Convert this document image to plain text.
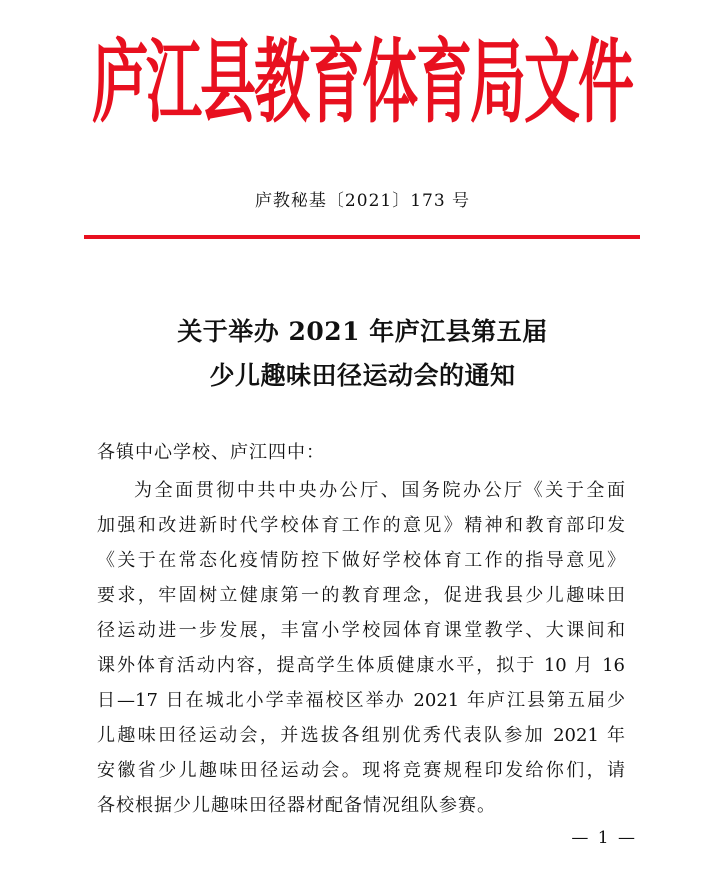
庐江县教育体育局文件
庐教秘基〔2021〕173 号
关于举办 2021 年庐江县第五届
少儿趣味田径运动会的通知
各镇中心学校、庐江四中：
为全面贯彻中共中央办公厅、国务院办公厅《关于全面
加强和改进新时代学校体育工作的意见》精神和教育部印发
《关于在常态化疫情防控下做好学校体育工作的指导意见》
要求，牢固树立健康第一的教育理念，促进我县少儿趣味田
径运动进一步发展，丰富小学校园体育课堂教学、大课间和
课外体育活动内容，提高学生体质健康水平，拟于 10 月 16
日—17 日在城北小学幸福校区举办 2021 年庐江县第五届少
儿趣味田径运动会，并选拔各组别优秀代表队参加 2021 年
安徽省少儿趣味田径运动会。现将竞赛规程印发给你们，请
各校根据少儿趣味田径器材配备情况组队参赛。
— 1 —
